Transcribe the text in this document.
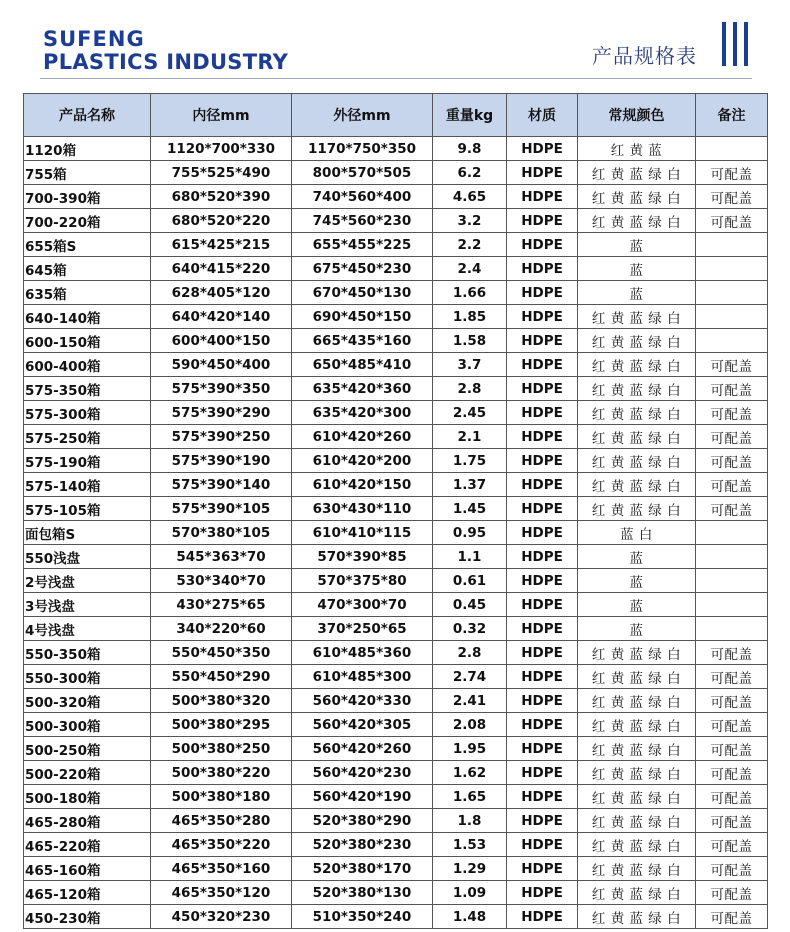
SUFENG
PLASTICS INDUSTRY	产品规格表
产品名称	内径mm	外径mm	重量kg	材质	常规颜色	备注
1120箱	1120*700*330	1170*750*350	9.8	HDPE	红 黄 蓝	
755箱	755*525*490	800*570*505	6.2	HDPE	红 黄 蓝 绿 白	可配盖
700-390箱	680*520*390	740*560*400	4.65	HDPE	红 黄 蓝 绿 白	可配盖
700-220箱	680*520*220	745*560*230	3.2	HDPE	红 黄 蓝 绿 白	可配盖
655箱S	615*425*215	655*455*225	2.2	HDPE	蓝	
645箱	640*415*220	675*450*230	2.4	HDPE	蓝	
635箱	628*405*120	670*450*130	1.66	HDPE	蓝	
640-140箱	640*420*140	690*450*150	1.85	HDPE	红 黄 蓝 绿 白	
600-150箱	600*400*150	665*435*160	1.58	HDPE	红 黄 蓝 绿 白	
600-400箱	590*450*400	650*485*410	3.7	HDPE	红 黄 蓝 绿 白	可配盖
575-350箱	575*390*350	635*420*360	2.8	HDPE	红 黄 蓝 绿 白	可配盖
575-300箱	575*390*290	635*420*300	2.45	HDPE	红 黄 蓝 绿 白	可配盖
575-250箱	575*390*250	610*420*260	2.1	HDPE	红 黄 蓝 绿 白	可配盖
575-190箱	575*390*190	610*420*200	1.75	HDPE	红 黄 蓝 绿 白	可配盖
575-140箱	575*390*140	610*420*150	1.37	HDPE	红 黄 蓝 绿 白	可配盖
575-105箱	575*390*105	630*430*110	1.45	HDPE	红 黄 蓝 绿 白	可配盖
面包箱S	570*380*105	610*410*115	0.95	HDPE	蓝 白	
550浅盘	545*363*70	570*390*85	1.1	HDPE	蓝	
2号浅盘	530*340*70	570*375*80	0.61	HDPE	蓝	
3号浅盘	430*275*65	470*300*70	0.45	HDPE	蓝	
4号浅盘	340*220*60	370*250*65	0.32	HDPE	蓝	
550-350箱	550*450*350	610*485*360	2.8	HDPE	红 黄 蓝 绿 白	可配盖
550-300箱	550*450*290	610*485*300	2.74	HDPE	红 黄 蓝 绿 白	可配盖
500-320箱	500*380*320	560*420*330	2.41	HDPE	红 黄 蓝 绿 白	可配盖
500-300箱	500*380*295	560*420*305	2.08	HDPE	红 黄 蓝 绿 白	可配盖
500-250箱	500*380*250	560*420*260	1.95	HDPE	红 黄 蓝 绿 白	可配盖
500-220箱	500*380*220	560*420*230	1.62	HDPE	红 黄 蓝 绿 白	可配盖
500-180箱	500*380*180	560*420*190	1.65	HDPE	红 黄 蓝 绿 白	可配盖
465-280箱	465*350*280	520*380*290	1.8	HDPE	红 黄 蓝 绿 白	可配盖
465-220箱	465*350*220	520*380*230	1.53	HDPE	红 黄 蓝 绿 白	可配盖
465-160箱	465*350*160	520*380*170	1.29	HDPE	红 黄 蓝 绿 白	可配盖
465-120箱	465*350*120	520*380*130	1.09	HDPE	红 黄 蓝 绿 白	可配盖
450-230箱	450*320*230	510*350*240	1.48	HDPE	红 黄 蓝 绿 白	可配盖
